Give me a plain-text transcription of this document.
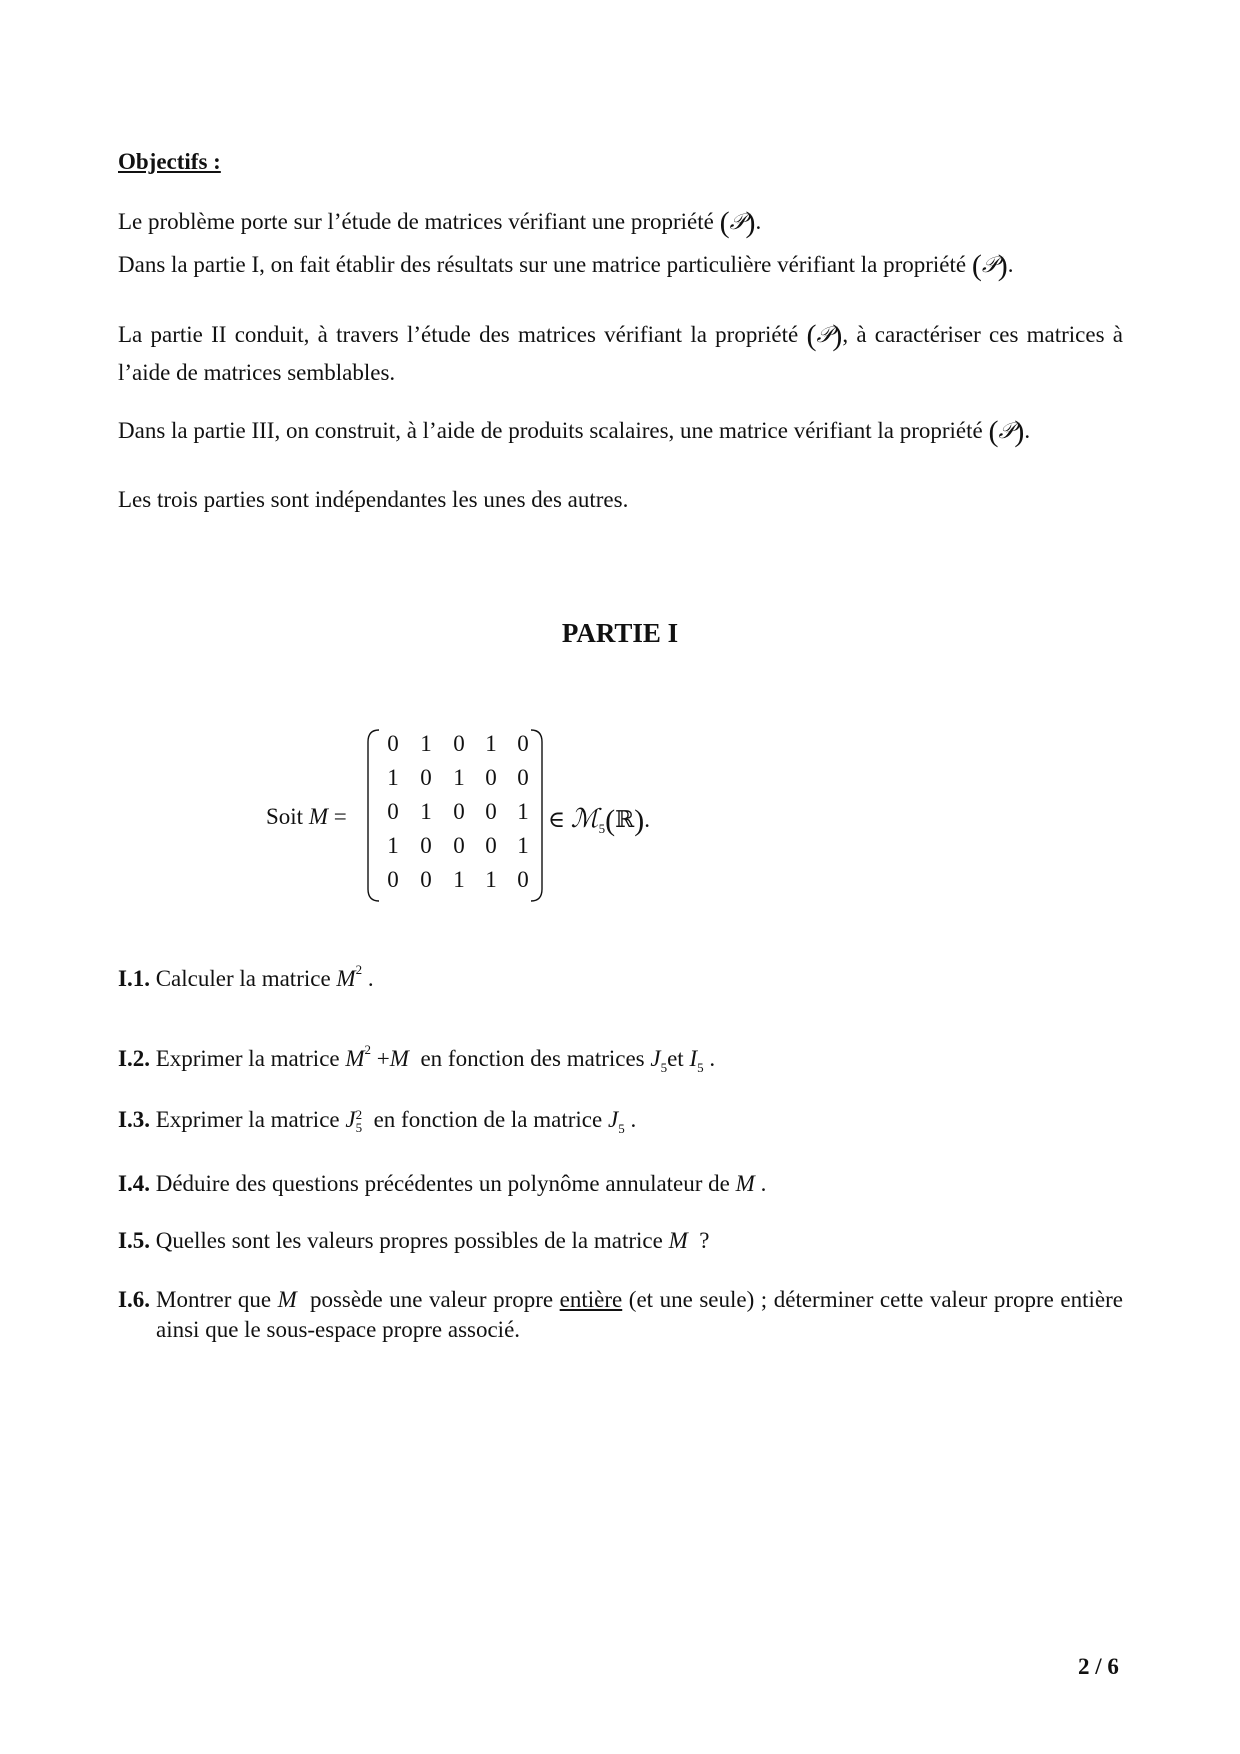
Objectifs :
Le problème porte sur l’étude de matrices vérifiant une propriété (𝒫).
Dans la partie I, on fait établir des résultats sur une matrice particulière vérifiant la propriété (𝒫).
La partie II conduit, à travers l’étude des matrices vérifiant la propriété (𝒫), à caractériser ces matrices à l’aide de matrices semblables.
Dans la partie III, on construit, à l’aide de produits scalaires, une matrice vérifiant la propriété (𝒫).
Les trois parties sont indépendantes les unes des autres.
PARTIE I
Soit M =
0 1 0 1 0
1 0 1 0 0
0 1 0 0 1
1 0 0 0 1
0 0 1 1 0
∈ ℳ$_5$(ℝ).
I.1. Calculer la matrice $M^2$ .
I.2. Exprimer la matrice $M^2 +M$ en fonction des matrices $J_5et$ $I_5$ .
I.3. Exprimer la matrice J 2
5 en fonction de la matrice $J_5$ .
I.4. Déduire des questions précédentes un polynôme annulateur de M .
I.5. Quelles sont les valeurs propres possibles de la matrice M ?
I.6. Montrer que M possède une valeur propre entière (et une seule) ; déterminer cette valeur propre entière ainsi que le sous-espace propre associé.
2 / 6
